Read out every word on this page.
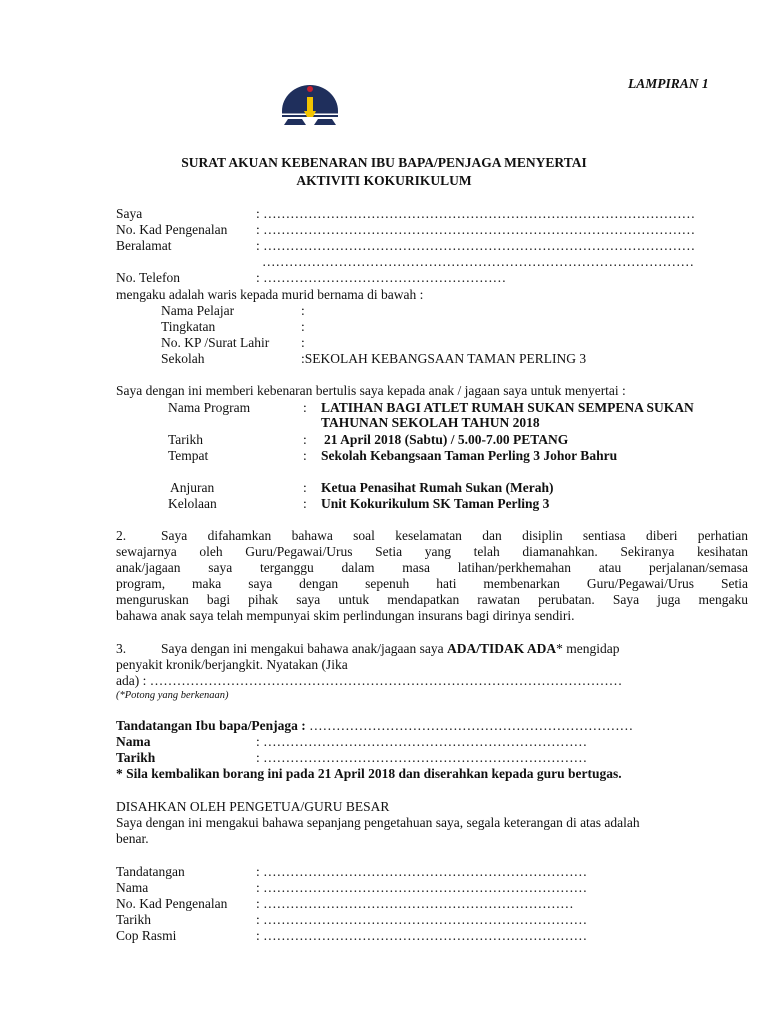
LAMPIRAN 1
SURAT AKUAN KEBENARAN IBU BAPA/PENJAGA MENYERTAI
AKTIVITI KOKURIKULUM
Saya	: ……………………………………………………………………………………
No. Kad Pengenalan : ……………………………………………………………………………………
Beralamat	: ……………………………………………………………………………………
……………………………………………………………………………………
No. Telefon	: ………………………………………………
mengaku adalah waris kepada murid bernama di bawah :
Nama Pelajar	:
Tingkatan	:
No. KP /Surat Lahir :
Sekolah	:SEKOLAH KEBANGSAAN TAMAN PERLING 3
Saya dengan ini memberi kebenaran bertulis saya kepada anak / jagaan saya untuk menyertai :
Nama Program	: LATIHAN BAGI ATLET RUMAH SUKAN SEMPENA SUKAN
TAHUNAN SEKOLAH TAHUN 2018
Tarikh	: 21 April 2018 (Sabtu) / 5.00-7.00 PETANG
Tempat	: Sekolah Kebangsaan Taman Perling 3 Johor Bahru
Anjuran	: Ketua Penasihat Rumah Sukan (Merah)
Kelolaan	: Unit Kokurikulum SK Taman Perling 3
2.	Saya difahamkan bahawa soal keselamatan dan disiplin sentiasa diberi perhatian
sewajarnya oleh Guru/Pegawai/Urus Setia yang telah diamanahkan. Sekiranya kesihatan
anak/jagaan saya terganggu dalam masa latihan/perkhemahan atau perjalanan/semasa
program, maka saya dengan sepenuh hati membenarkan Guru/Pegawai/Urus Setia
menguruskan bagi pihak saya untuk mendapatkan rawatan perubatan. Saya juga mengaku
bahawa anak saya telah mempunyai skim perlindungan insurans bagi dirinya sendiri.
3.	Saya dengan ini mengakui bahawa anak/jagaan saya ADA/TIDAK ADA* mengidap
penyakit kronik/berjangkit. Nyatakan (Jika
ada) : ……………………………………………………………………………………………
(*Potong yang berkenaan)
Tandatangan Ibu bapa/Penjaga : ………………………………………………………………
Nama	: ………………………………………………………………
Tarikh	: ………………………………………………………………
* Sila kembalikan borang ini pada 21 April 2018 dan diserahkan kepada guru bertugas.
DISAHKAN OLEH PENGETUA/GURU BESAR
Saya dengan ini mengakui bahawa sepanjang pengetahuan saya, segala keterangan di atas adalah
benar.
Tandatangan	: ………………………………………………………………
Nama	: ………………………………………………………………
No. Kad Pengenalan : ……………………………………………………………
Tarikh	: ………………………………………………………………
Cop Rasmi	: ………………………………………………………………
